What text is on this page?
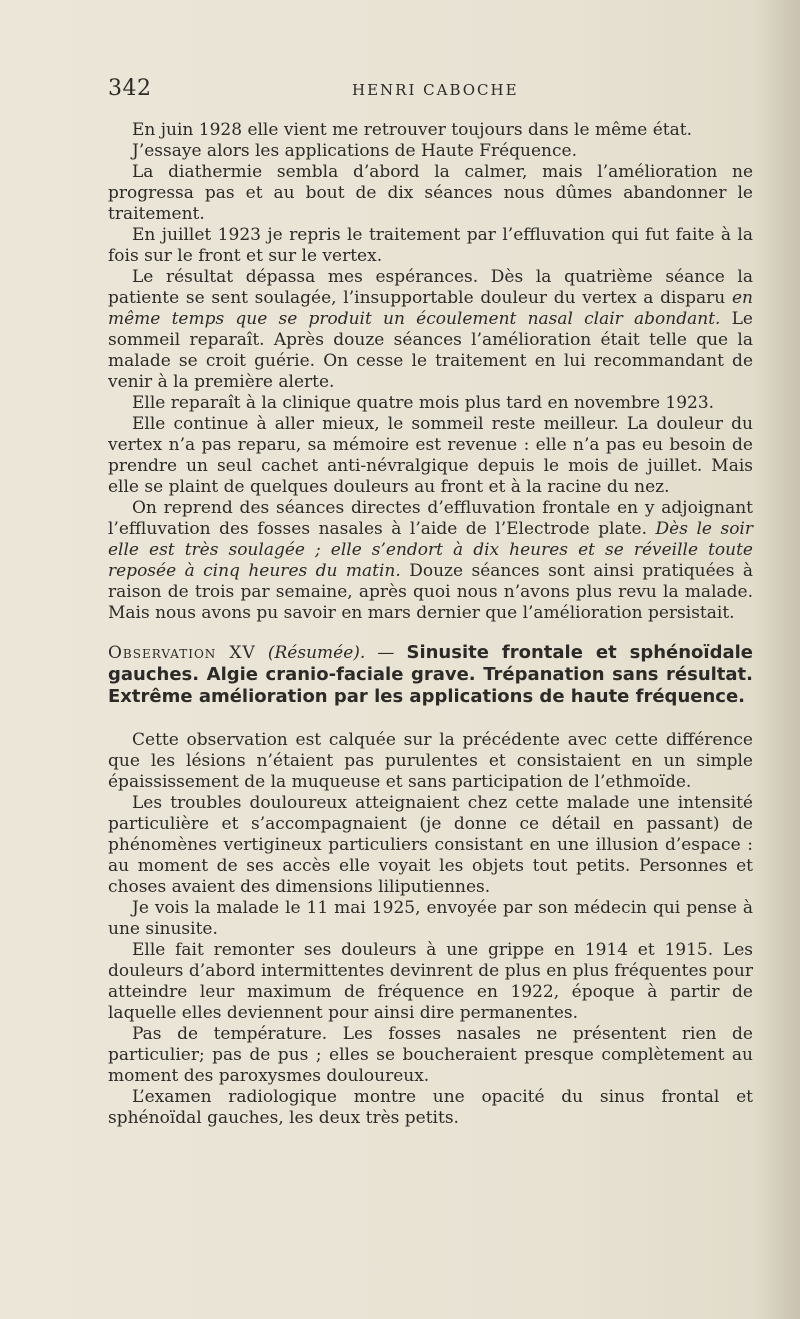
342	HENRI CABOCHE

En juin 1928 elle vient me retrouver toujours dans le même état.

J’essaye alors les applications de Haute Fréquence.

La diathermie sembla d’abord la calmer, mais l’amélioration ne progressa pas et au bout de dix séances nous dûmes abandonner le traitement.

En juillet 1923 je repris le traitement par l’effluvation qui fut faite à la fois sur le front et sur le vertex.

Le résultat dépassa mes espérances. Dès la quatrième séance la patiente se sent soulagée, l’insupportable douleur du vertex a disparu en même temps que se produit un écoulement nasal clair abondant. Le sommeil reparaît. Après douze séances l’amélioration était telle que la malade se croit guérie. On cesse le traitement en lui recommandant de venir à la première alerte.

Elle reparaît à la clinique quatre mois plus tard en novembre 1923.

Elle continue à aller mieux, le sommeil reste meilleur. La douleur du vertex n’a pas reparu, sa mémoire est revenue : elle n’a pas eu besoin de prendre un seul cachet anti-névralgique depuis le mois de juillet. Mais elle se plaint de quelques douleurs au front et à la racine du nez.

On reprend des séances directes d’effluvation frontale en y adjoignant l’effluvation des fosses nasales à l’aide de l’Electrode plate. Dès le soir elle est très soulagée ; elle s’endort à dix heures et se réveille toute reposée à cinq heures du matin. Douze séances sont ainsi pratiquées à raison de trois par semaine, après quoi nous n’avons plus revu la malade. Mais nous avons pu savoir en mars dernier que l’amélioration persistait.

Observation XV (Résumée). — Sinusite frontale et sphénoïdale gauches. Algie cranio-faciale grave. Trépanation sans résultat. Extrême amélioration par les applications de haute fréquence.

Cette observation est calquée sur la précédente avec cette différence que les lésions n’étaient pas purulentes et consistaient en un simple épaississement de la muqueuse et sans participation de l’ethmoïde.

Les troubles douloureux atteignaient chez cette malade une intensité particulière et s’accompagnaient (je donne ce détail en passant) de phénomènes vertigineux particuliers consistant en une illusion d’espace : au moment de ses accès elle voyait les objets tout petits. Personnes et choses avaient des dimensions liliputiennes.

Je vois la malade le 11 mai 1925, envoyée par son médecin qui pense à une sinusite.

Elle fait remonter ses douleurs à une grippe en 1914 et 1915. Les douleurs d’abord intermittentes devinrent de plus en plus fréquentes pour atteindre leur maximum de fréquence en 1922, époque à partir de laquelle elles deviennent pour ainsi dire permanentes.

Pas de température. Les fosses nasales ne présentent rien de particulier; pas de pus ; elles se boucheraient presque complètement au moment des paroxysmes douloureux.

L’examen radiologique montre une opacité du sinus frontal et sphénoïdal gauches, les deux très petits.
